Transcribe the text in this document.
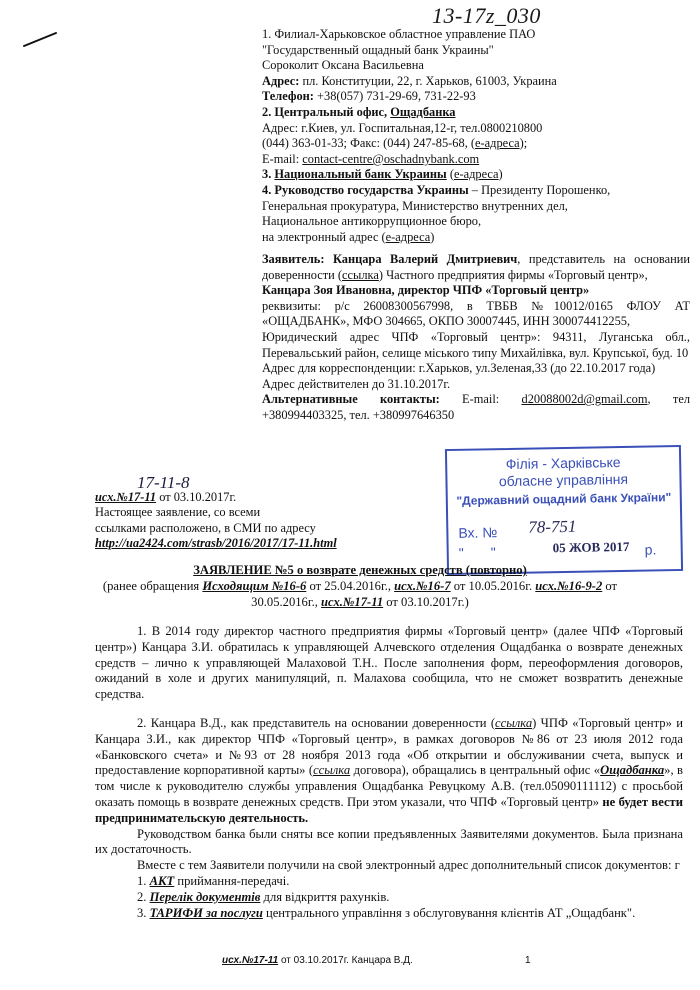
13-17z_030

1. Филиал-Харьковское областное управление ПАО

"Государственный ощадный банк Украины"

Сороколит Оксана Васильевна

Адрес: пл. Конституции, 22, г. Харьков, 61003, Украина

Телефон: +38(057) 731-29-69, 731-22-93

2. Центральный офис, Ощадбанка

Адрес: г.Киев, ул. Госпитальная,12-г, тел.0800210800

(044) 363-01-33; Факс: (044) 247-85-68, (е-адреса);

E-mail: contact-centre@oschadnybank.com

3. Национальный банк Украины (е-адреса)

4. Руководство государства Украины – Президенту Порошенко,

Генеральная прокуратура, Министерство внутренних дел,

Национальное антикоррупционное бюро,

на электронный адрес (е-адреса)

Заявитель: Канцара Валерий Дмитриевич, представитель на основании доверенности (ссылка) Частного предприятия фирмы «Торговый центр»,

Канцара Зоя Ивановна, директор ЧПФ «Торговый центр»

реквизиты: р/с 26008300567998, в ТВБВ №10012/0165 ФЛОУ АТ «ОЩАДБАНК», МФО 304665, ОКПО 30007445, ИНН 300074412255,

Юридический адрес ЧПФ «Торговый центр»: 94311, Луганська обл., Перевальський район, селище міського типу Михайлівка, вул. Крупської, буд. 10

Адрес для корреспонденции: г.Харьков, ул.Зеленая,33 (до 22.10.2017 года)

Адрес действителен до 31.10.2017г.

Альтернативные контакты: E-mail: d20088002d@gmail.com, тел +380994403325, тел. +380997646350

17-11-8

исх.№17-11 от 03.10.2017г.

Настоящее заявление, со всеми

ссылками расположено, в СМИ по адресу

http://ua2424.com/strasb/2016/2017/17-11.html

Філія - Харківське
обласне управління
"Державний ощадний банк України"
Вх. № 78-751
" "	05 ЖОВ 2017 р.
ЗАЯВЛЕНИЕ №5 о возврате денежных средств (повторно)
(ранее обращения Исходящим №16-6 от 25.04.2016г., исх.№16-7 от 10.05.2016г. исх.№16-9-2 от
30.05.2016г., исх.№17-11 от 03.10.2017г.)

1. В 2014 году директор частного предприятия фирмы «Торговый центр» (далее ЧПФ «Торговый центр») Канцара З.И. обратилась к управляющей Алчевского отделения Ощадбанка о возврате денежных средств – лично к управляющей Малаховой Т.Н.. После заполнения форм, переоформления договоров, ожиданий в холе и других манипуляций, п. Малахова сообщила, что не сможет возвратить денежные средства.

2. Канцара В.Д., как представитель на основании доверенности (ссылка) ЧПФ «Торговый центр» и Канцара З.И., как директор ЧПФ «Торговый центр», в рамках договоров №86 от 23 июля 2012 года «Банковского счета» и №93 от 28 ноября 2013 года «Об открытии и обслуживании счета, выпуск и предоставление корпоративной карты» (ссылка договора), обращались в центральный офис «Ощадбанка», в том числе к руководителю службы управления Ощадбанка Ревуцкому А.В. (тел.05090111112) с просьбой оказать помощь в возврате денежных средств. При этом указали, что ЧПФ «Торговый центр» не будет вести предпринимательскую деятельность.

Руководством банка были сняты все копии предъявленных Заявителями документов. Была признана их достаточность.

Вместе с тем Заявители получили на свой электронный адрес дополнительный список документов: г

1. АКТ приймання-передачі.

2. Перелік документів для відкриття рахунків.

3. ТАРИФИ за послуги центрального управління з обслуговування клієнтів АТ „Ощадбанк".

исх.№17-11 от 03.10.2017г. Канцара В.Д.	1
